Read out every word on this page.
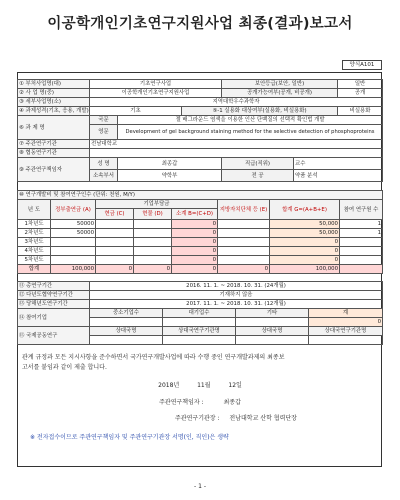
이공학개인기초연구지원사업 최종(결과)보고서
양식A101
① 부처사업명(대)	기초연구사업			보안등급(보안, 일반)		일반
② 사 업 명(중)	이공학개인기초연구지원사업			공개가능여부(공개, 비공개)		공개
③ 세부사업명(소)	지역대학우수과학자					
④ 과제성격(기초, 응용, 개발)	기초		⑤-1 실용화 대상여부(실용화, 비실용화)			비실용화
⑥ 과 제 명	국문	젤 배그라운드 염색을 이용한 인산 단백질의 선택적 확인법 개발				
	영문	Development of gel background staining method for the selective detection of phosphoproteins				
⑦ 주관연구기관	전남대학교					
⑧ 협동연구기관						
⑨ 주관연구책임자	성 명	최종갑		직급(직위)	교수	
	소속부서	약학부		전 공	약품 분석	
⑩ 연구개발비 및 참여연구인수 (단위: 천원, M/Y)							
년 도	정부출연금 (A)	기업부담금			지방자치단체 등 (E)	합계 G=(A+B+E)	참여 연구원 수
		현금 (C)	현물 (D)	소계 B=(C+D)			
1차년도	50000			0		50,000	1
2차년도	50000			0		50,000	1
3차년도				0		0	
4차년도				0		0	
5차년도				0		0	
합계	100,000	0	0	0	0	100,000	
⑪ 총연구기간	2016. 11. 1. ~ 2018. 10. 31. (24개월)			
⑫ 다년도협약연구기간	기재하지 않음			
⑬ 당해년도연구기간	2017. 11. 1. ~ 2018. 10. 31. (12개월)			
⑭ 참여기업	중소기업수	대기업수	기타	계
				0
⑮ 국제공동연구	상대국명	상대국연구기관명	상대국명	상대국연구기관명

관계 규정과 모든 지시사항을 준수하면서 국가연구개발사업에 따라 수행 중인 연구개발과제의 최종보
고서를 붙임과 같이 제출 합니다.
2018년	11월	12일
주관연구책임자 :	최종갑
주관연구기관장 : 전남대학교 산학 협력단장
※ 전자접수이므로 주관연구책임자 및 주관연구기관장 서명(인, 직인)은 생략
- 1 -
